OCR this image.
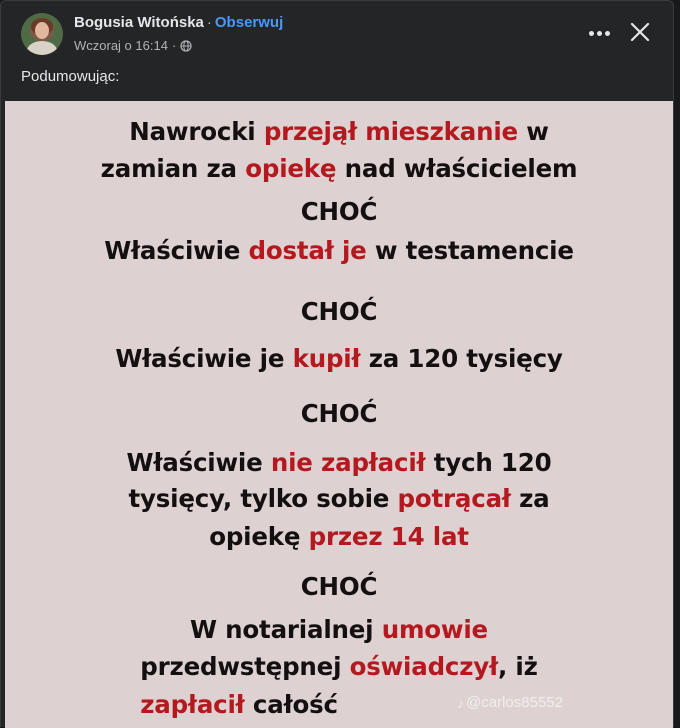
Bogusia Witońska · Obserwuj
Wczoraj o 16:14 ·
Podumowując:
Nawrocki przejął mieszkanie w
zamian za opiekę nad właścicielem
CHOĆ
Właściwie dostał je w testamencie
CHOĆ
Właściwie je kupił za 120 tysięcy
CHOĆ
Właściwie nie zapłacił tych 120
tysięcy, tylko sobie potrącał za
opiekę przez 14 lat
CHOĆ
W notarialnej umowie
przedwstępnej oświadczył, iż
zapłacił całość	♪ @carlos85552
